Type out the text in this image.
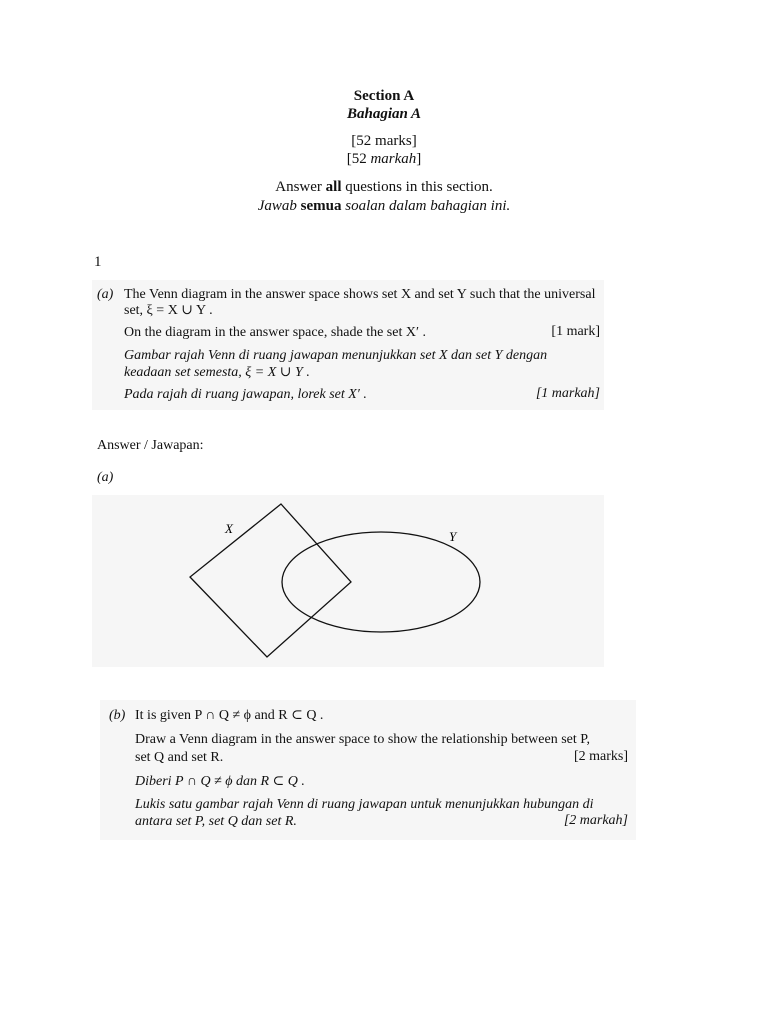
Section A
Bahagian A
[52 marks]
[52 markah]
Answer all questions in this section.
Jawab semua soalan dalam bahagian ini.
1
(a) The Venn diagram in the answer space shows set X and set Y such that the universal
set, ξ = X ∪ Y .
On the diagram in the answer space, shade the set X′ .	[1 mark]
Gambar rajah Venn di ruang jawapan menunjukkan set X dan set Y dengan
keadaan set semesta, ξ = X ∪ Y .
Pada rajah di ruang jawapan, lorek set X′ .	[1 markah]
Answer / Jawapan:
(a)
X
Y
(b) It is given P ∩ Q ≠ ϕ and R ⊂ Q .
Draw a Venn diagram in the answer space to show the relationship between set P,
set Q and set R.	[2 marks]
Diberi P ∩ Q ≠ ϕ dan R ⊂ Q .
Lukis satu gambar rajah Venn di ruang jawapan untuk menunjukkan hubungan di
antara set P, set Q dan set R.	[2 markah]
